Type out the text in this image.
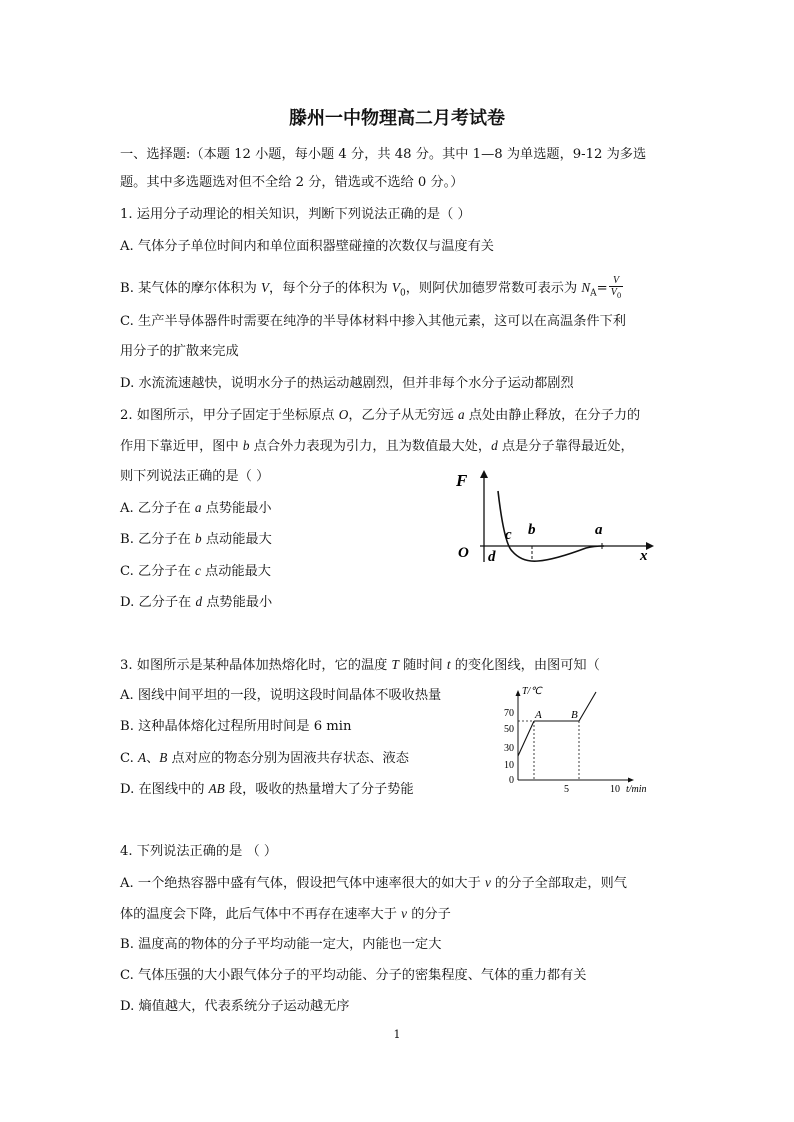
滕州一中物理高二月考试卷
一、选择题:（本题 12 小题，每小题 4 分，共 48 分。其中 1—8 为单选题，9-12 为多选
题。其中多选题选对但不全给 2 分，错选或不选给 0 分。）
1. 运用分子动理论的相关知识，判断下列说法正确的是（ ）
A. 气体分子单位时间内和单位面积器壁碰撞的次数仅与温度有关
B. 某气体的摩尔体积为 V，每个分子的体积为 $V_0$，则阿伏加德罗常数可表示为 $N_A= \frac{V}{V_0}$
C. 生产半导体器件时需要在纯净的半导体材料中掺入其他元素，这可以在高温条件下利
用分子的扩散来完成
D. 水流流速越快，说明水分子的热运动越剧烈，但并非每个水分子运动都剧烈
2. 如图所示，甲分子固定于坐标原点 O，乙分子从无穷远 a 点处由静止释放，在分子力的
作用下靠近甲，图中 b 点合外力表现为引力，且为数值最大处，d 点是分子靠得最近处，
则下列说法正确的是（ ）
A. 乙分子在 a 点势能最小
B. 乙分子在 b 点动能最大
C. 乙分子在 c 点动能最大
D. 乙分子在 d 点势能最小
F
O	x
c b	a
d
3. 如图所示是某种晶体加热熔化时，它的温度 T 随时间 t 的变化图线，由图可知（
A. 图线中间平坦的一段，说明这段时间晶体不吸收热量
B. 这种晶体熔化过程所用时间是 6 min
C. A、B 点对应的物态分别为固液共存状态、液态
D. 在图线中的 AB 段，吸收的热量增大了分子势能
T/℃
70
50
30
10
0
5	10 t/min
A	B
4. 下列说法正确的是 （ ）
A. 一个绝热容器中盛有气体，假设把气体中速率很大的如大于 v 的分子全部取走，则气
体的温度会下降，此后气体中不再存在速率大于 v 的分子
B. 温度高的物体的分子平均动能一定大，内能也一定大
C. 气体压强的大小跟气体分子的平均动能、分子的密集程度、气体的重力都有关
D. 熵值越大，代表系统分子运动越无序
1
